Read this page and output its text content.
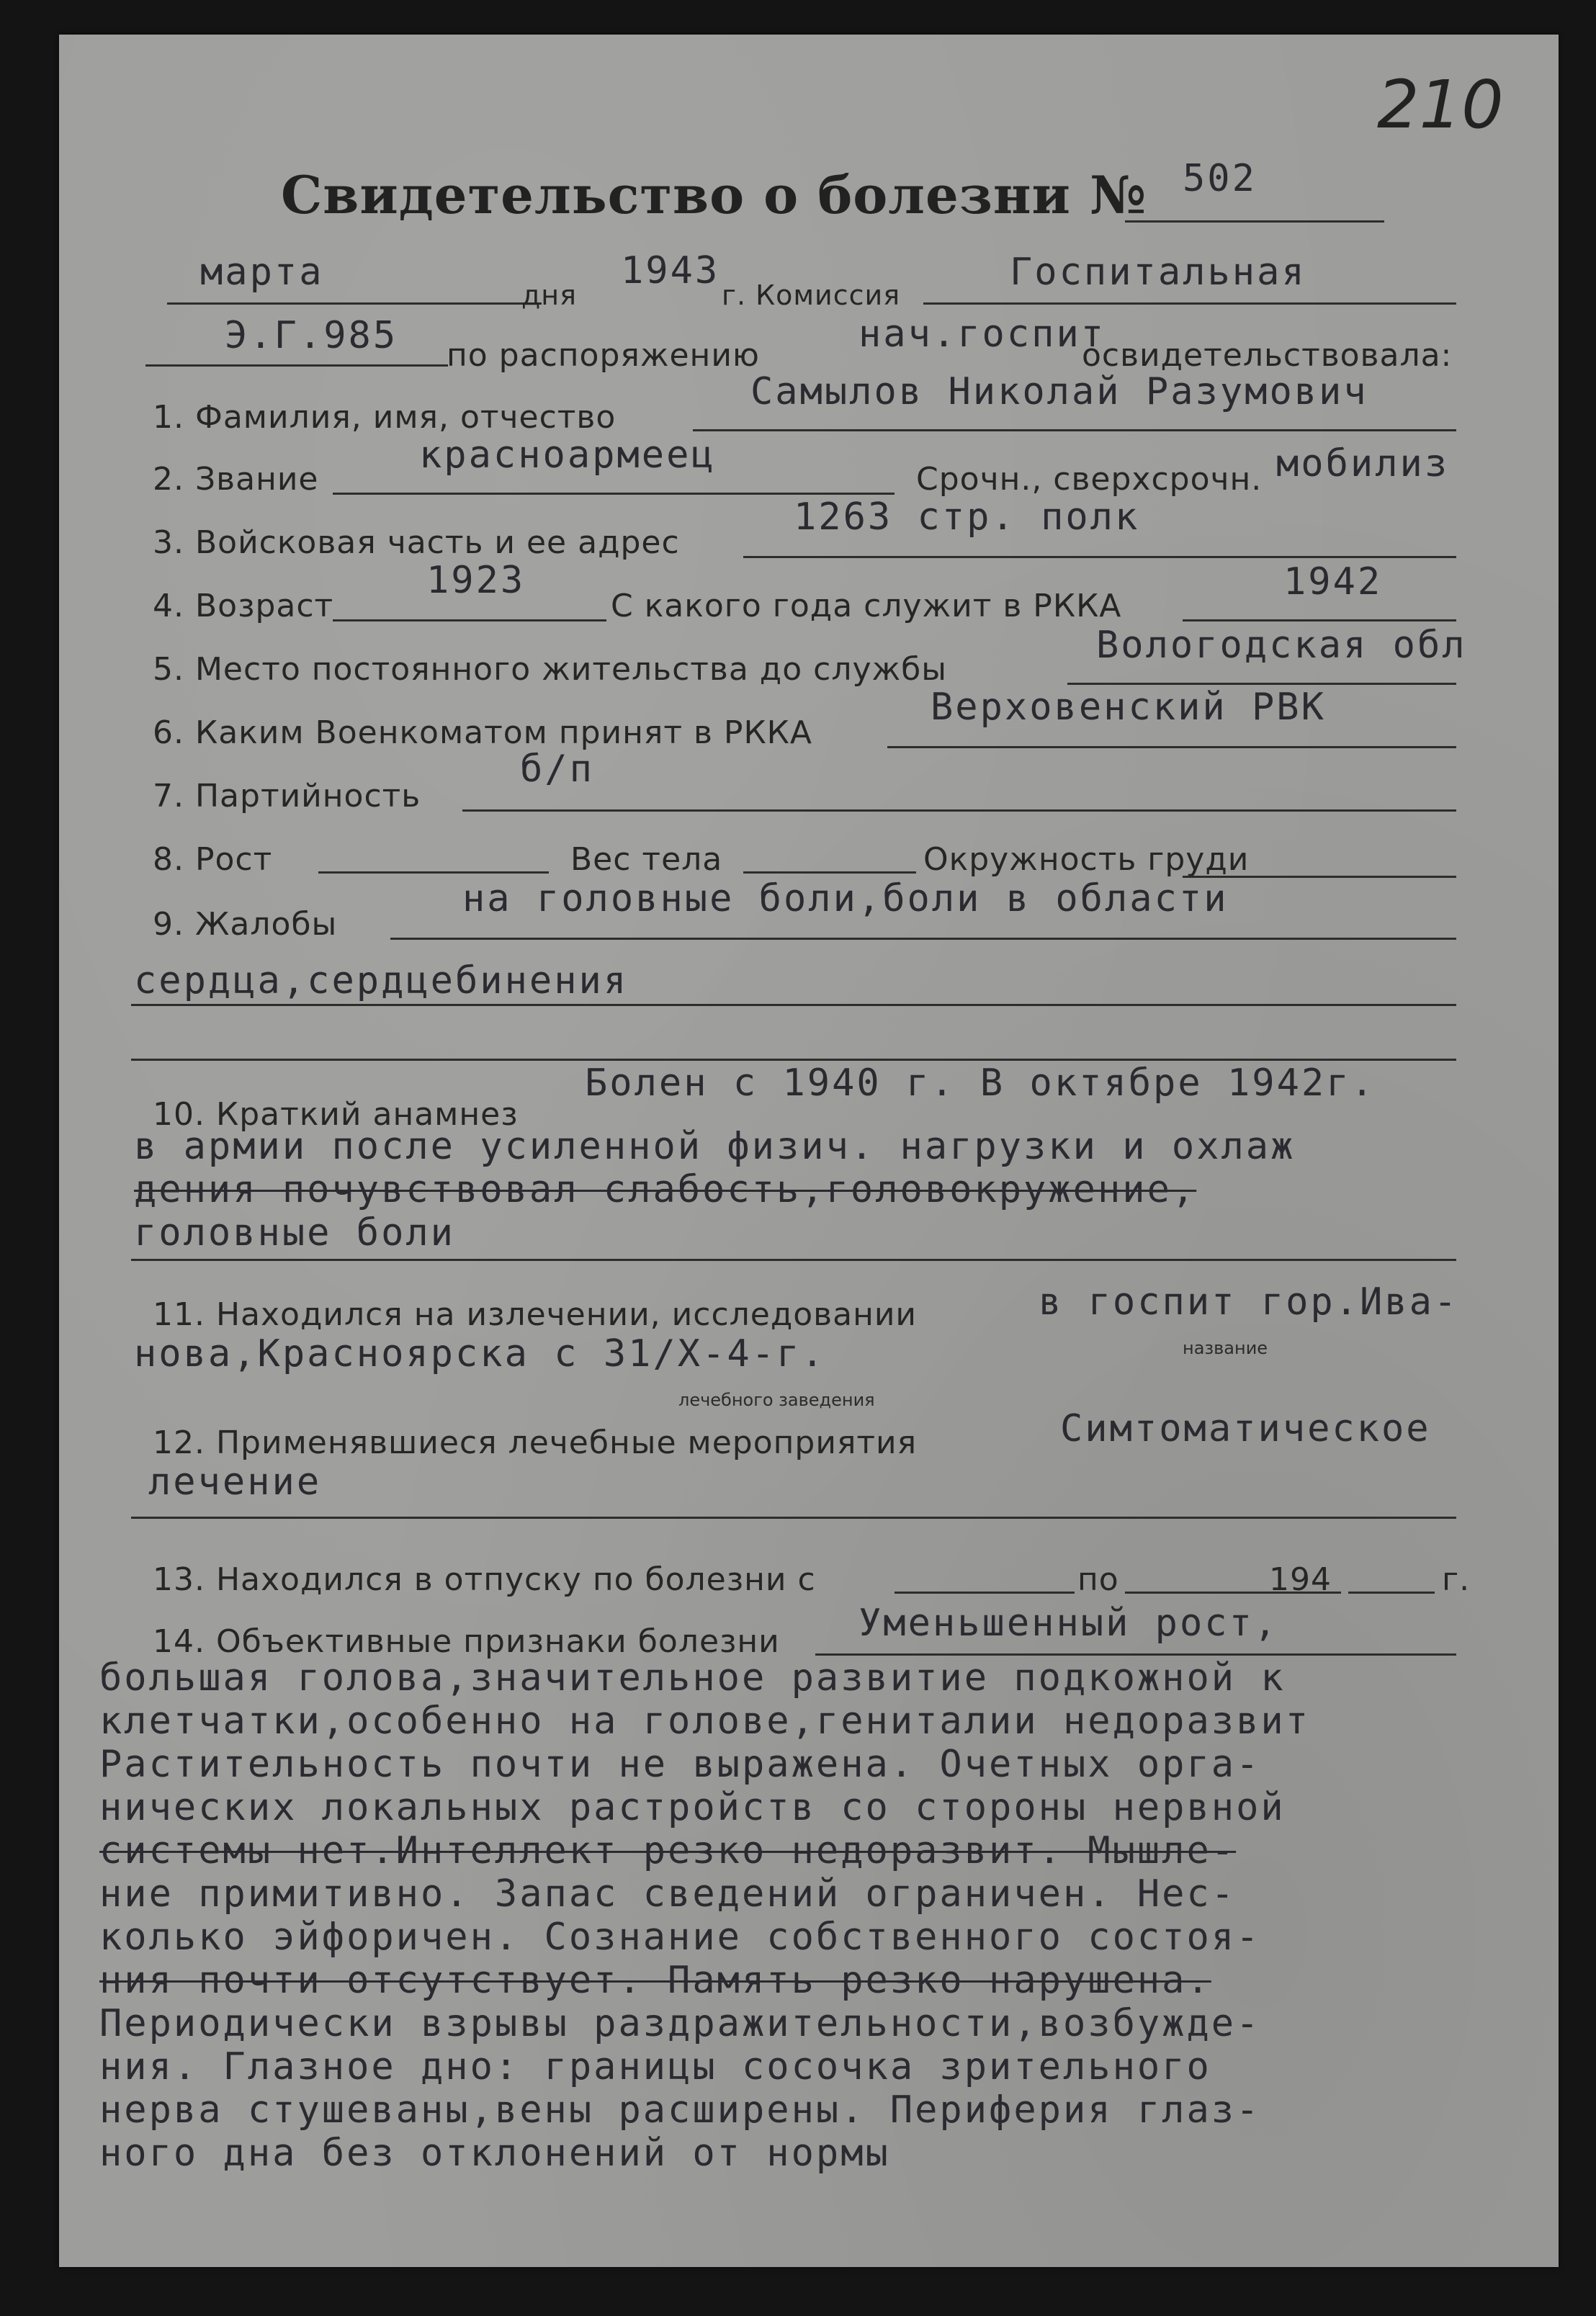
210
Свидетельство о болезни № 502
марта
дня
1943
г. Комиссия
Госпитальная
Э.Г.985 по распоряжению	нач.госпит
освидетельствовала:
1. Фамилия, имя, отчество
Самылов Николай Разумович
2. Звание
красноармеец
Срочн., сверхсрочн. мобилиз
3. Войсковая часть и ее адрес
1263 стр. полк
4. Возраст
1923
С какого года служит в РККА
1942
5. Место постоянного жительства до службы
Вологодская обл
6. Каким Военкоматом принят в РККА
Верховенский РВК
7. Партийность
б/п
8. Рост	Вес тела	Окружность груди
9. Жалобы
на головные боли,боли в области
сердца,сердцебинения
Болен с 1940 г. В октябре 1942г.
10. Краткий анамнез
в армии после усиленной физич. нагрузки и охлаж
дения почувствовал слабость,головокружение,
головные боли
11. Находился на излечении, исследовании	в госпит гор.Ива-
название
нова,Красноярска с 31/X-4-г.
лечебного заведения
12. Применявшиеся лечебные мероприятия	Симтоматическое
лечение
13. Находился в отпуску по болезни с	по	194	г.
14. Объективные признаки болезни Уменьшенный рост,
большая голова,значительное развитие подкожной к
клетчатки,особенно на голове,гениталии недоразвит
Растительность почти не выражена. Очетных орга-
нических локальных растройств со стороны нервной
системы нет.Интеллект резко недоразвит. Мышле-
ние примитивно. Запас сведений ограничен. Нес-
колько эйфоричен. Сознание собственного состоя-
ния почти отсутствует. Память резко нарушена.
Периодически взрывы раздражительности,возбужде-
ния. Глазное дно: границы сосочка зрительного
нерва стушеваны,вены расширены. Периферия глаз-
ного дна без отклонений от нормы
